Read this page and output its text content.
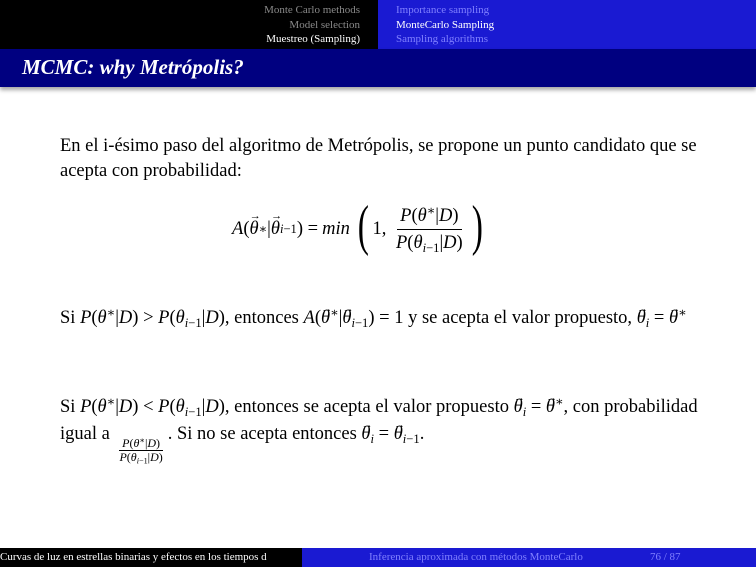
Monte Carlo methods
Model selection
Muestreo (Sampling)
Importance sampling
MonteCarlo Sampling
Sampling algorithms
MCMC: why Metrópolis?

En el i-ésimo paso del algoritmo de Metrópolis, se propone un punto candidato que se acepta con probabilidad:

A ( → θ ∗ | → θ i −1 ) = min ( 1, $\frac{P(\theta^∗|D)}{P(\theta_{i-1}|D)}$ )
Si $P(\theta^∗|D) > P(\theta_{i-1}|D)$, entonces $A(\to \theta^∗|\to \theta_{i-1}) = 1$ y se acepta el valor propuesto, → $\theta_i$ = → θ∗
Si $P(\theta^∗|D) < P(\theta_{i-1}|D)$, entonces se acepta el valor propuesto → $\theta_i$ = → θ∗, con probabilidad igual a
$\frac{P(\theta^∗|D)}{P(\theta_{i-1}|D)}$
. Si no se acepta entonces → $\theta_i$ = → $\theta_{i-1}$.
Curvas de luz en estrellas binarias y efectos en los tiempos d	Inferencia aproximada con métodos MonteCarlo	76 / 87
